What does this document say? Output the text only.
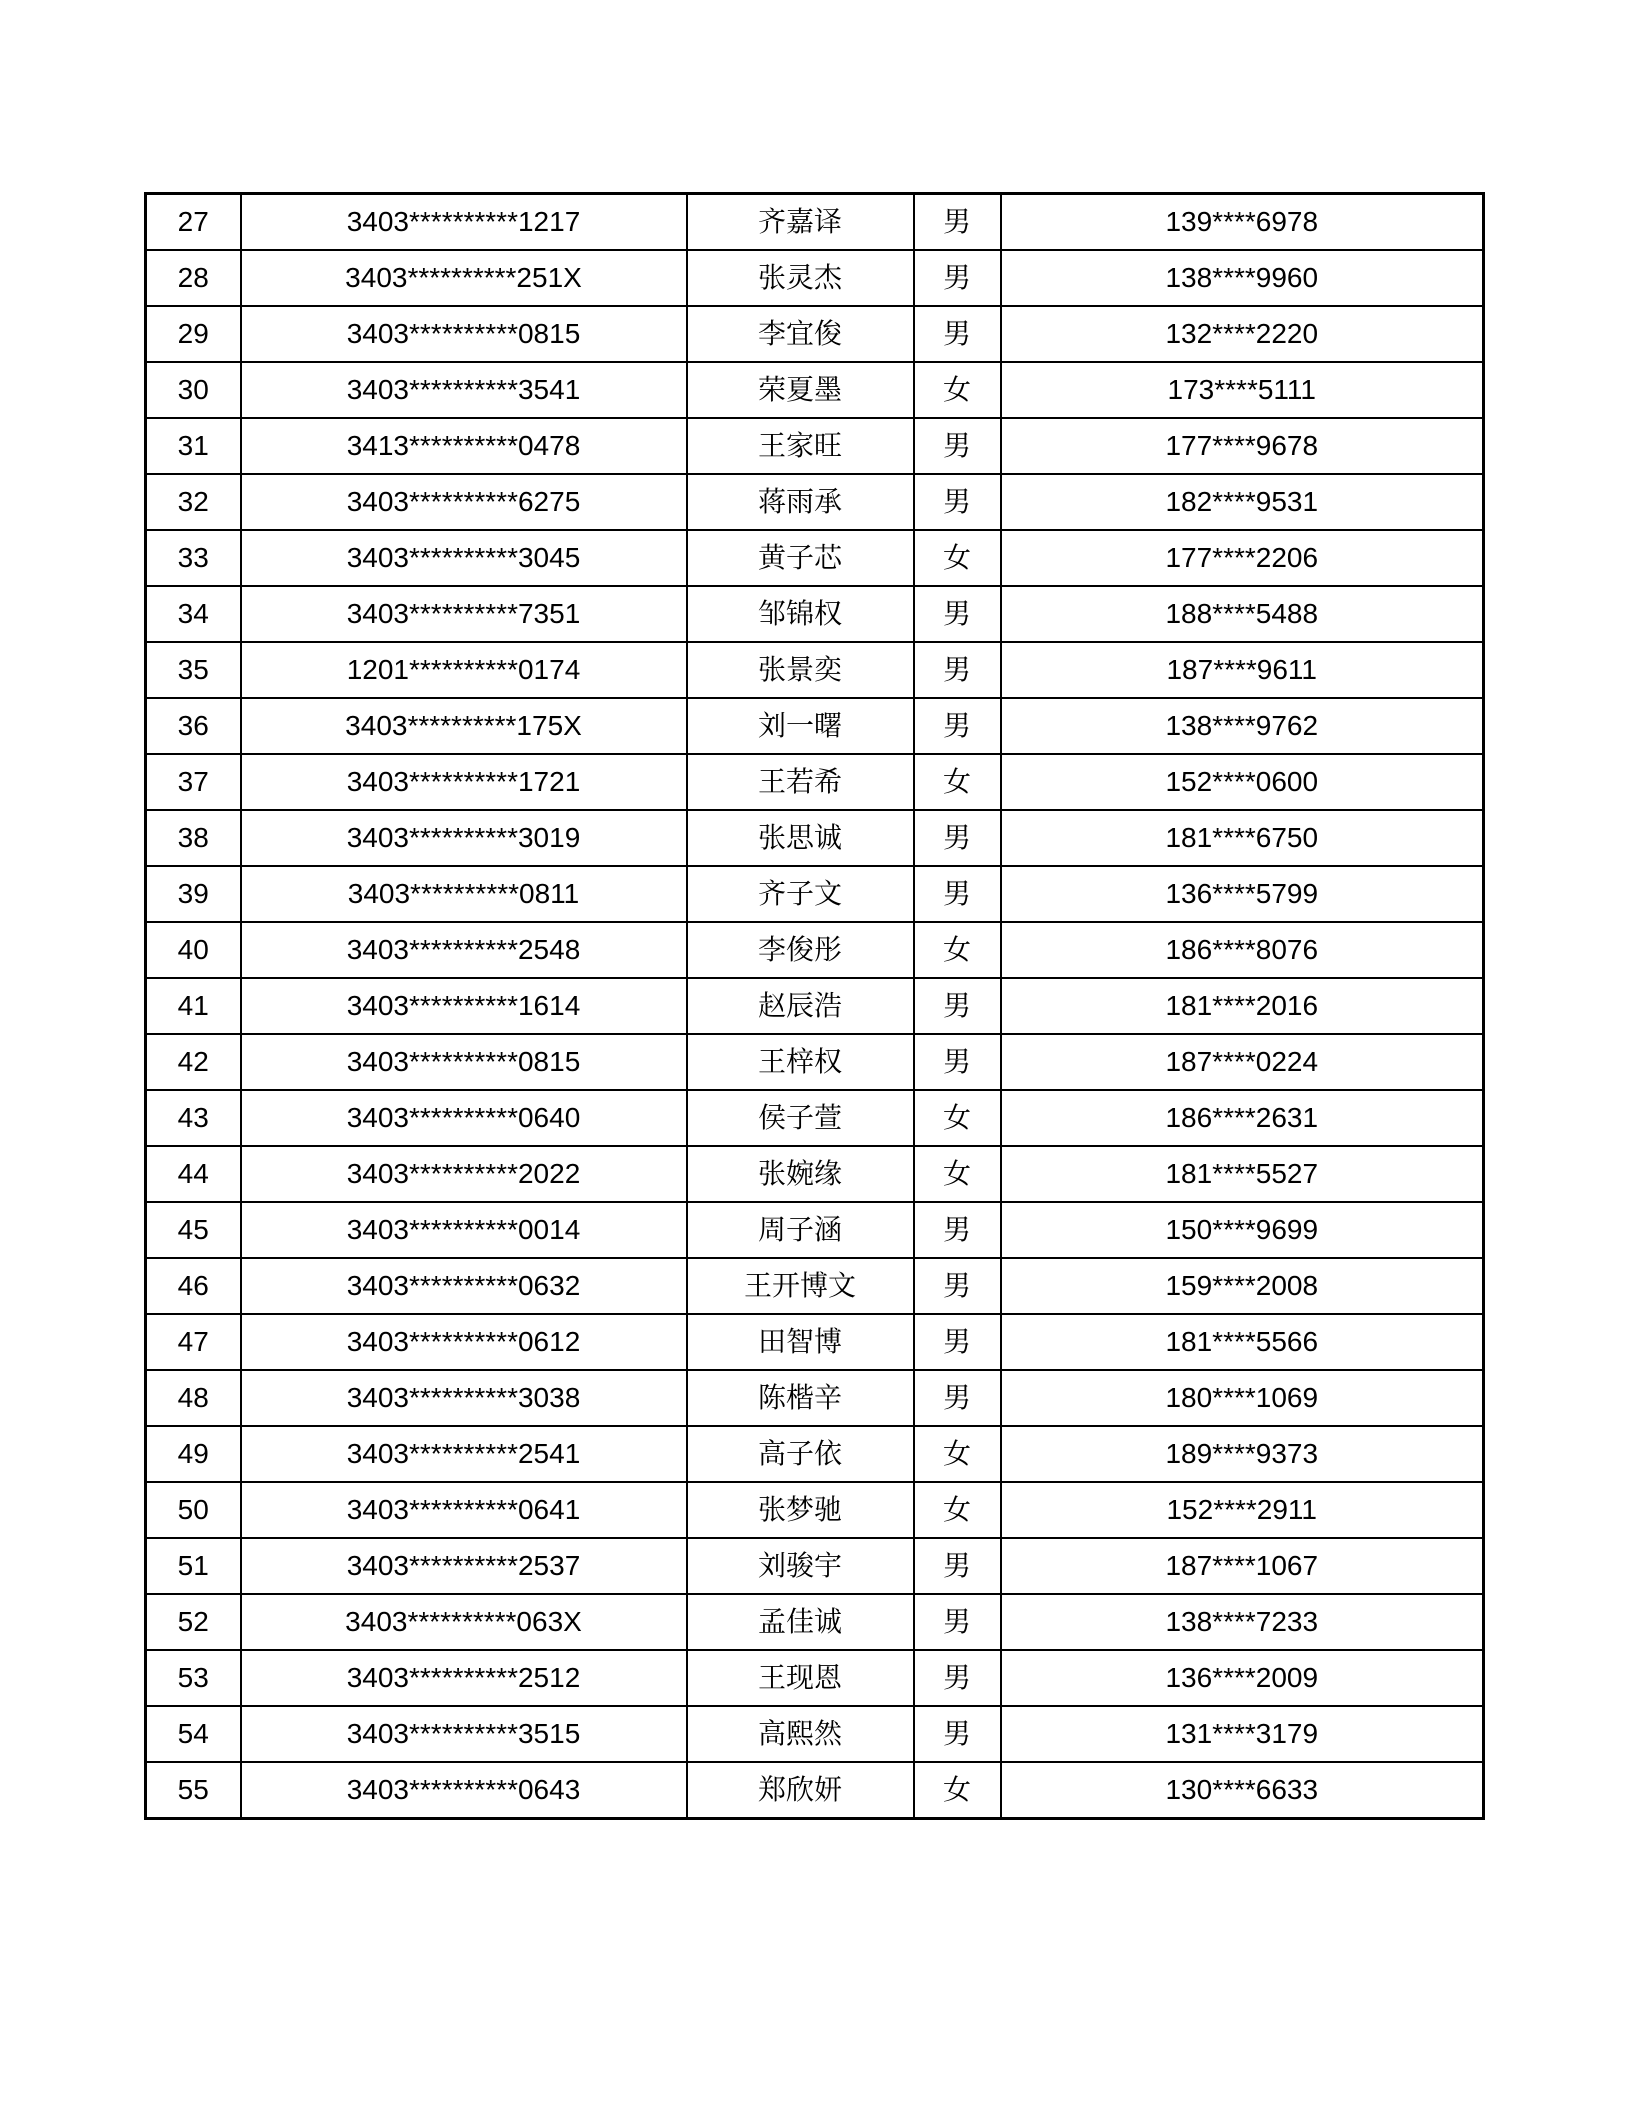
27	3403**********1217	齐嘉译	男	139****6978
28	3403**********251X	张灵杰	男	138****9960
29	3403**********0815	李宜俊	男	132****2220
30	3403**********3541	荣夏墨	女	173****5111
31	3413**********0478	王家旺	男	177****9678
32	3403**********6275	蒋雨承	男	182****9531
33	3403**********3045	黄子芯	女	177****2206
34	3403**********7351	邹锦权	男	188****5488
35	1201**********0174	张景奕	男	187****9611
36	3403**********175X	刘一曙	男	138****9762
37	3403**********1721	王若希	女	152****0600
38	3403**********3019	张思诚	男	181****6750
39	3403**********0811	齐子文	男	136****5799
40	3403**********2548	李俊彤	女	186****8076
41	3403**********1614	赵辰浩	男	181****2016
42	3403**********0815	王梓权	男	187****0224
43	3403**********0640	侯子萱	女	186****2631
44	3403**********2022	张婉缘	女	181****5527
45	3403**********0014	周子涵	男	150****9699
46	3403**********0632	王开博文	男	159****2008
47	3403**********0612	田智博	男	181****5566
48	3403**********3038	陈楷辛	男	180****1069
49	3403**********2541	高子依	女	189****9373
50	3403**********0641	张梦驰	女	152****2911
51	3403**********2537	刘骏宇	男	187****1067
52	3403**********063X	孟佳诚	男	138****7233
53	3403**********2512	王现恩	男	136****2009
54	3403**********3515	高熙然	男	131****3179
55	3403**********0643	郑欣妍	女	130****6633
